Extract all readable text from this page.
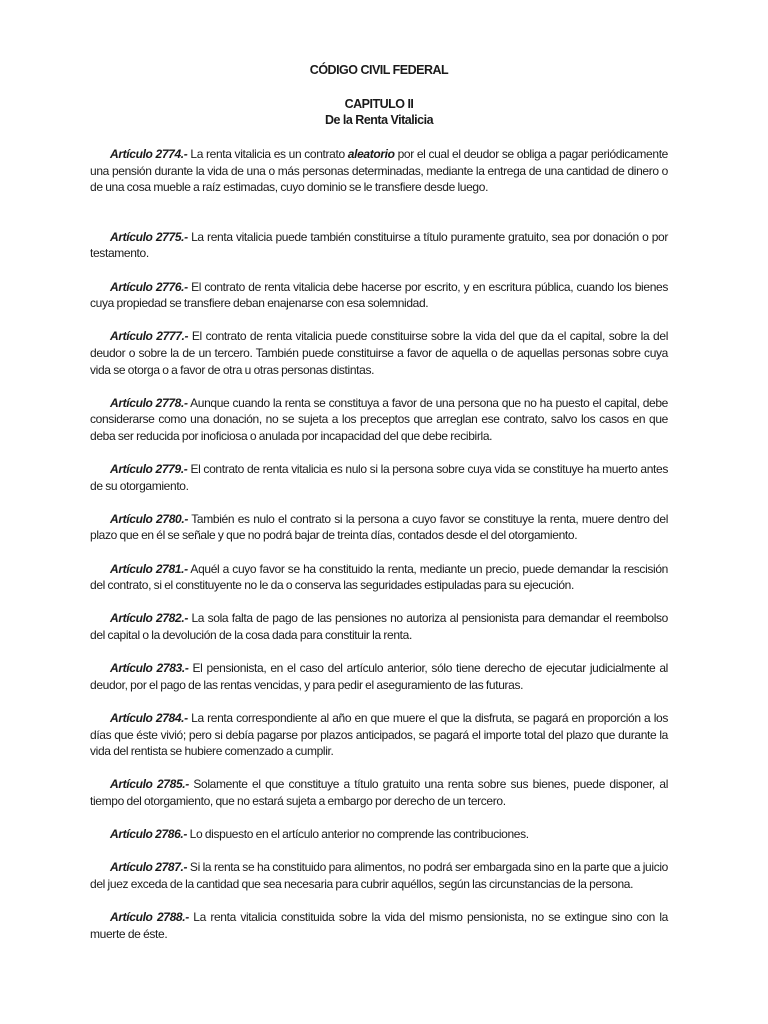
CÓDIGO CIVIL FEDERAL
CAPITULO II
De la Renta Vitalicia

Artículo 2774.- La renta vitalicia es un contrato aleatorio por el cual el deudor se obliga a pagar periódicamente una pensión durante la vida de una o más personas determinadas, mediante la entrega de una cantidad de dinero o de una cosa mueble a raíz estimadas, cuyo dominio se le transfiere desde luego.

Artículo 2775.- La renta vitalicia puede también constituirse a título puramente gratuito, sea por donación o por testamento.

Artículo 2776.- El contrato de renta vitalicia debe hacerse por escrito, y en escritura pública, cuando los bienes cuya propiedad se transfiere deban enajenarse con esa solemnidad.

Artículo 2777.- El contrato de renta vitalicia puede constituirse sobre la vida del que da el capital, sobre la del deudor o sobre la de un tercero. También puede constituirse a favor de aquella o de aquellas personas sobre cuya vida se otorga o a favor de otra u otras personas distintas.

Artículo 2778.- Aunque cuando la renta se constituya a favor de una persona que no ha puesto el capital, debe considerarse como una donación, no se sujeta a los preceptos que arreglan ese contrato, salvo los casos en que deba ser reducida por inoficiosa o anulada por incapacidad del que debe recibirla.

Artículo 2779.- El contrato de renta vitalicia es nulo si la persona sobre cuya vida se constituye ha muerto antes de su otorgamiento.

Artículo 2780.- También es nulo el contrato si la persona a cuyo favor se constituye la renta, muere dentro del plazo que en él se señale y que no podrá bajar de treinta días, contados desde el del otorgamiento.

Artículo 2781.- Aquél a cuyo favor se ha constituido la renta, mediante un precio, puede demandar la rescisión del contrato, si el constituyente no le da o conserva las seguridades estipuladas para su ejecución.

Artículo 2782.- La sola falta de pago de las pensiones no autoriza al pensionista para demandar el reembolso del capital o la devolución de la cosa dada para constituir la renta.

Artículo 2783.- El pensionista, en el caso del artículo anterior, sólo tiene derecho de ejecutar judicialmente al deudor, por el pago de las rentas vencidas, y para pedir el aseguramiento de las futuras.

Artículo 2784.- La renta correspondiente al año en que muere el que la disfruta, se pagará en proporción a los días que éste vivió; pero si debía pagarse por plazos anticipados, se pagará el importe total del plazo que durante la vida del rentista se hubiere comenzado a cumplir.

Artículo 2785.- Solamente el que constituye a título gratuito una renta sobre sus bienes, puede disponer, al tiempo del otorgamiento, que no estará sujeta a embargo por derecho de un tercero.

Artículo 2786.- Lo dispuesto en el artículo anterior no comprende las contribuciones.

Artículo 2787.- Si la renta se ha constituido para alimentos, no podrá ser embargada sino en la parte que a juicio del juez exceda de la cantidad que sea necesaria para cubrir aquéllos, según las circunstancias de la persona.

Artículo 2788.- La renta vitalicia constituida sobre la vida del mismo pensionista, no se extingue sino con la muerte de éste.
